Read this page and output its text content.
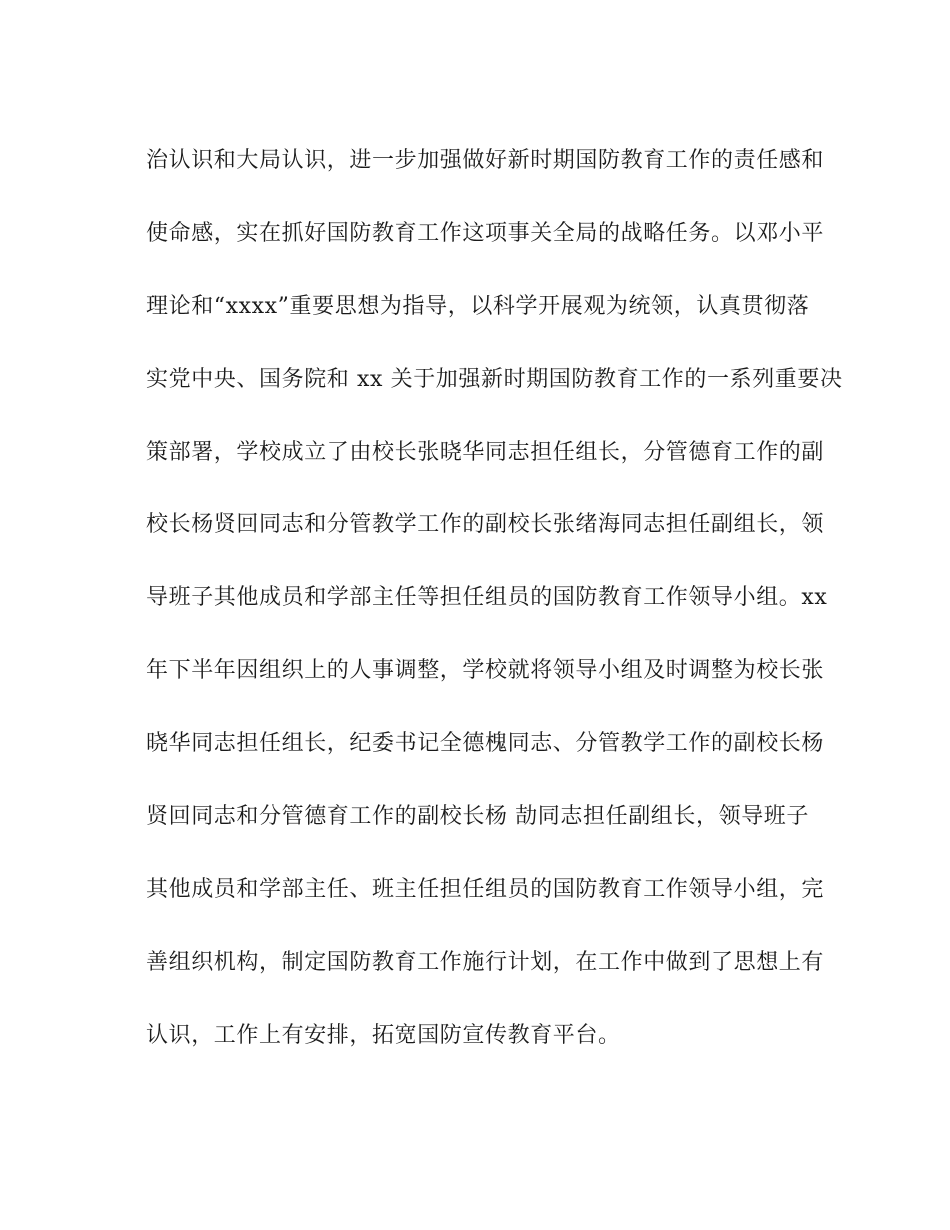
治认识和大局认识，进一步加强做好新时期国防教育工作的责任感和
使命感，实在抓好国防教育工作这项事关全局的战略任务。以邓小平
理论和“xxxx”重要思想为指导，以科学开展观为统领，认真贯彻落
实党中央、国务院和 xx 关于加强新时期国防教育工作的一系列重要决
策部署，学校成立了由校长张晓华同志担任组长，分管德育工作的副
校长杨贤回同志和分管教学工作的副校长张绪海同志担任副组长，领
导班子其他成员和学部主任等担任组员的国防教育工作领导小组。xx
年下半年因组织上的人事调整，学校就将领导小组及时调整为校长张
晓华同志担任组长，纪委书记全德槐同志、分管教学工作的副校长杨
贤回同志和分管德育工作的副校长杨 劼同志担任副组长，领导班子
其他成员和学部主任、班主任担任组员的国防教育工作领导小组，完
善组织机构，制定国防教育工作施行计划，在工作中做到了思想上有
认识，工作上有安排，拓宽国防宣传教育平台。
